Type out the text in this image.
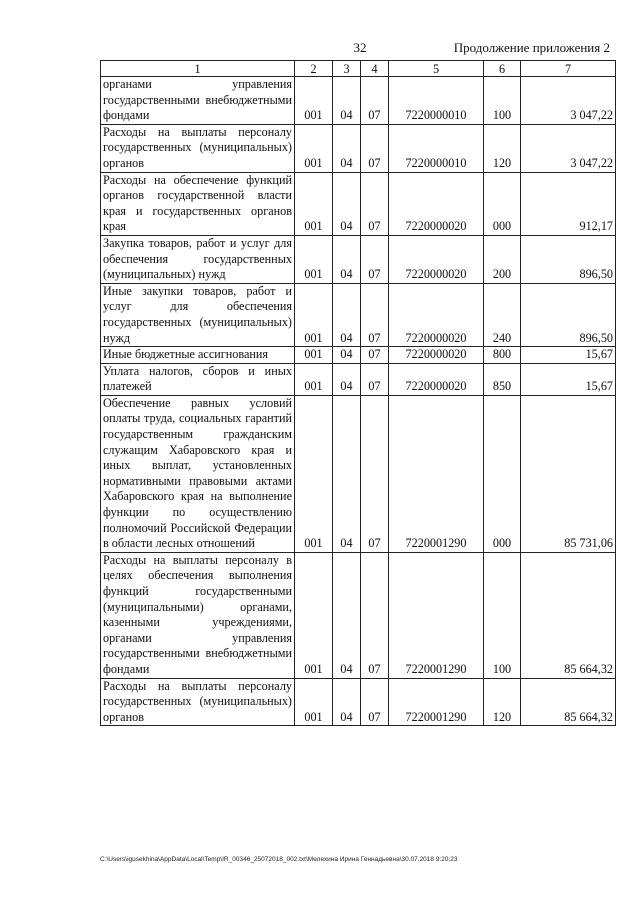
32	Продолжение приложения 2
1	2	3	4	5	6	7
органами управления государственными внебюджетными фондами	001	04	07	7220000010	100	3 047,22
Расходы на выплаты персоналу государственных (муниципальных) органов	001	04	07	7220000010	120	3 047,22
Расходы на обеспечение функций органов государственной власти края и государственных органов края	001	04	07	7220000020	000	912,17
Закупка товаров, работ и услуг для обеспечения государственных (муниципальных) нужд	001	04	07	7220000020	200	896,50
Иные закупки товаров, работ и услуг для обеспечения государственных (муниципальных) нужд	001	04	07	7220000020	240	896,50
Иные бюджетные ассигнования	001	04	07	7220000020	800	15,67
Уплата налогов, сборов и иных платежей	001	04	07	7220000020	850	15,67
Обеспечение равных условий оплаты труда, социальных гарантий государственным гражданским служащим Хабаровского края и иных выплат, установленных нормативными правовыми актами Хабаровского края на выполнение функции по осуществлению полномочий Российской Федерации в области лесных отношений	001	04	07	7220001290	000	85 731,06
Расходы на выплаты персоналу в целях обеспечения выполнения функций государственными (муниципальными) органами, казенными учреждениями, органами управления государственными внебюджетными фондами	001	04	07	7220001290	100	85 664,32
Расходы на выплаты персоналу государственных (муниципальных) органов	001	04	07	7220001290	120	85 664,32
C:\Users\igusekhina\AppData\Local\Temp\IR_00346_25072018_002.txt\Мелехина Ирина Геннадьевна\30.07.2018 9:20:23
